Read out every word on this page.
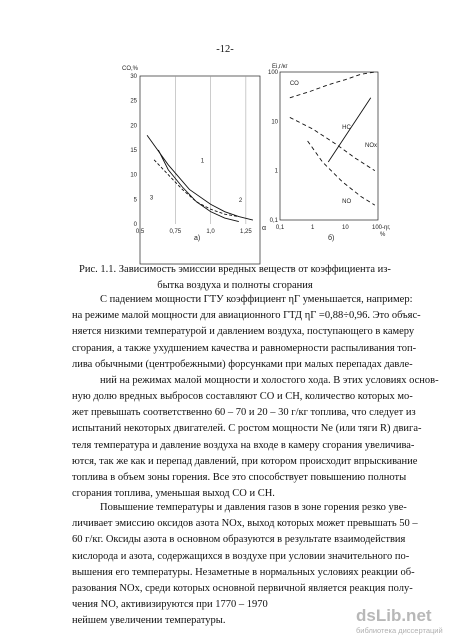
-12-
CO,%
30
25
20
15
10
5
0
0,5	0,75	1,0	1,25
1
2
3
α
а)
Ei,г/кг
100
10
1
0,1
0,1	1	10	100-ηг,
%
CO
HC
NOx
NO
б)
Рис. 1.1. Зависимость эмиссии вредных веществ от коэффициента из-
бытка воздуха и полноты сгорания
С падением мощности ГТУ коэффициент ηГ уменьшается, например:
на режиме малой мощности для авиационного ГТД ηГ =0,88÷0,96. Это объяс-
няется низкими температурой и давлением воздуха, поступающего в камеру
сгорания, а также ухудшением качества и равномерности распыливания топ-
лива обычными (центробежными) форсунками при малых перепадах давле-
ний на режимах малой мощности и холостого хода. В этих условиях основ-
ную долю вредных выбросов составляют СО и СН, количество которых мо-
жет превышать соответственно 60 – 70 и 20 – 30 г/кг топлива, что следует из
испытаний некоторых двигателей. С ростом мощности Ne (или тяги R) двига-
теля температура и давление воздуха на входе в камеру сгорания увеличива-
ются, так же как и перепад давлений, при котором происходит впрыскивание
топлива в объем зоны горения. Все это способствует повышению полноты
сгорания топлива, уменьшая выход СО и СН.
Повышение температуры и давления газов в зоне горения резко уве-
личивает эмиссию оксидов азота NOx, выход которых может превышать 50 –
60 г/кг. Оксиды азота в основном образуются в результате взаимодействия
кислорода и азота, содержащихся в воздухе при условии значительного по-
вышения его температуры. Незаметные в нормальных условиях реакции об-
разования NOx, среди которых основной первичной является реакция полу-
чения NO, активизируются при 1770 – 1970
нейшем увеличении температуры.	dsLib.net
библиотека диссертаций
